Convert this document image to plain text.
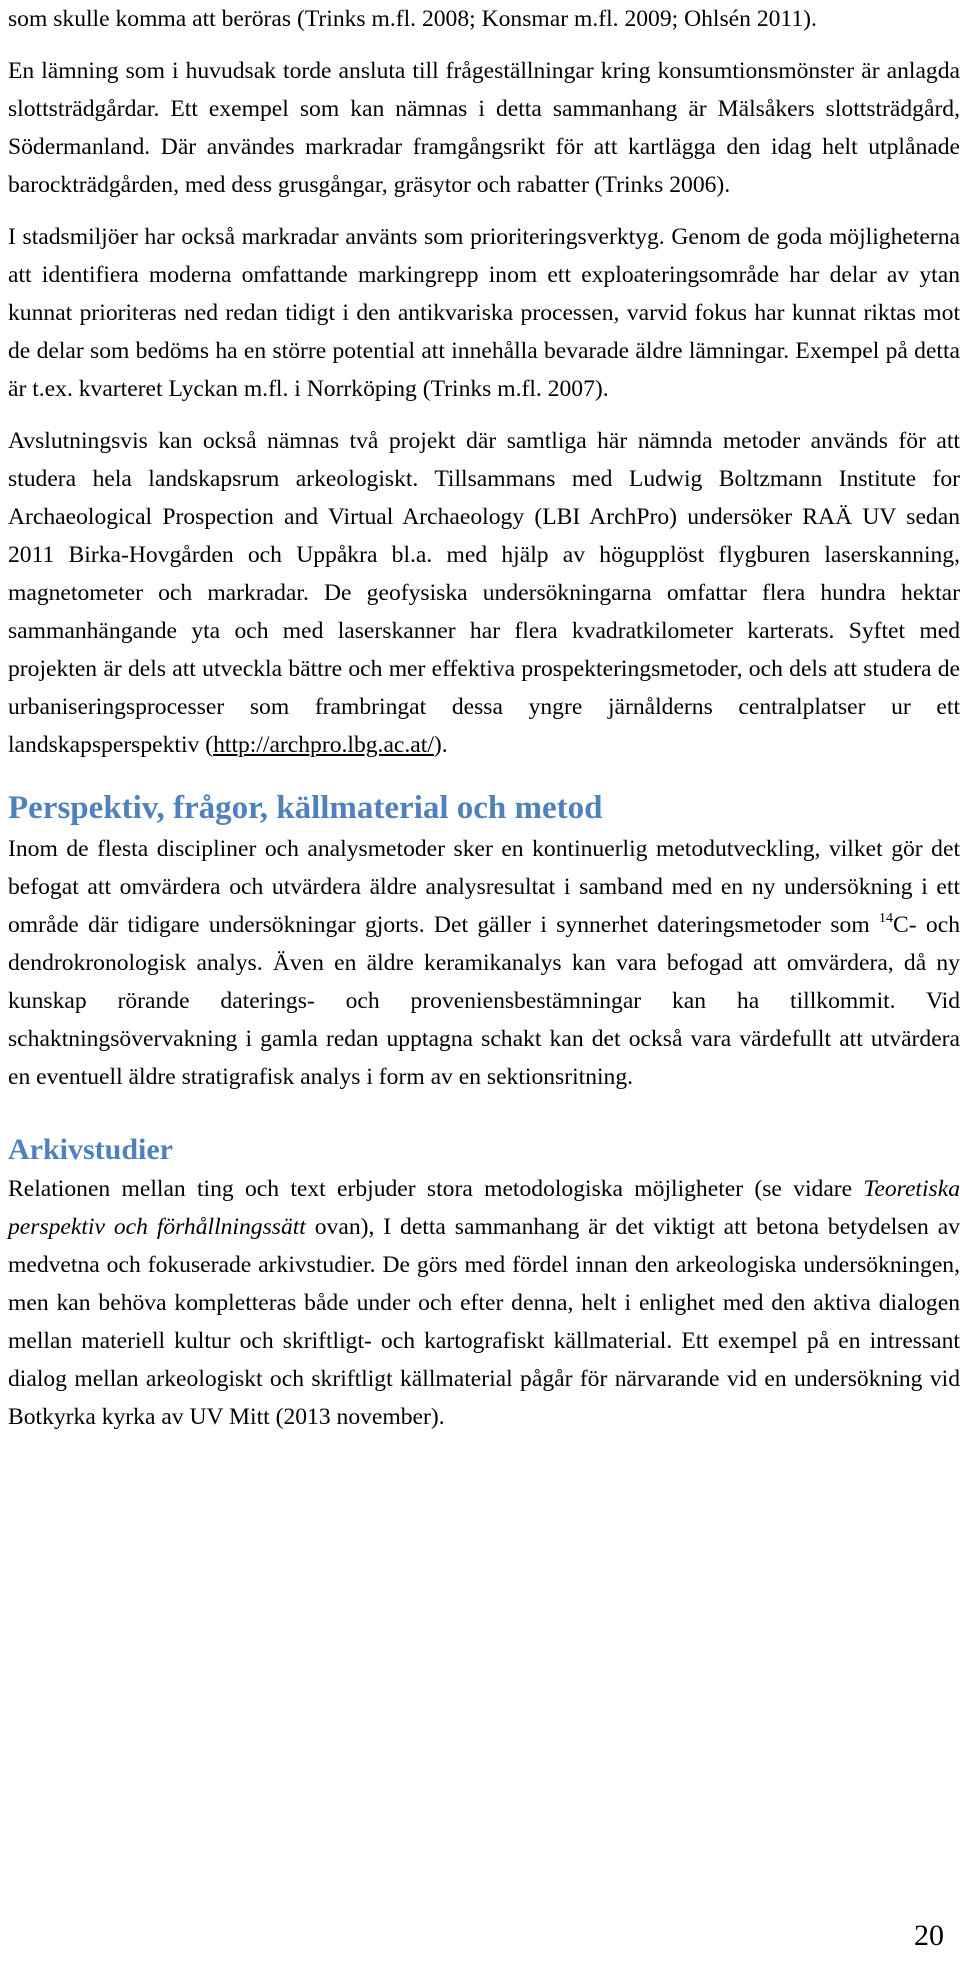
som skulle komma att beröras (Trinks m.fl. 2008; Konsmar m.fl. 2009; Ohlsén 2011).

En lämning som i huvudsak torde ansluta till frågeställningar kring konsumtionsmönster är anlagda slottsträdgårdar. Ett exempel som kan nämnas i detta sammanhang är Mälsåkers slottsträdgård, Södermanland. Där användes markradar framgångsrikt för att kartlägga den idag helt utplånade barockträdgården, med dess grusgångar, gräsytor och rabatter (Trinks 2006).

I stadsmiljöer har också markradar använts som prioriteringsverktyg. Genom de goda möjligheterna att identifiera moderna omfattande markingrepp inom ett exploateringsområde har delar av ytan kunnat prioriteras ned redan tidigt i den antikvariska processen, varvid fokus har kunnat riktas mot de delar som bedöms ha en större potential att innehålla bevarade äldre lämningar. Exempel på detta är t.ex. kvarteret Lyckan m.fl. i Norrköping (Trinks m.fl. 2007).

Avslutningsvis kan också nämnas två projekt där samtliga här nämnda metoder används för att studera hela landskapsrum arkeologiskt. Tillsammans med Ludwig Boltzmann Institute for Archaeological Prospection and Virtual Archaeology (LBI ArchPro) undersöker RAÄ UV sedan 2011 Birka-Hovgården och Uppåkra bl.a. med hjälp av högupplöst flygburen laserskanning, magnetometer och markradar. De geofysiska undersökningarna omfattar flera hundra hektar sammanhängande yta och med laserskanner har flera kvadratkilometer karterats. Syftet med projekten är dels att utveckla bättre och mer effektiva prospekteringsmetoder, och dels att studera de urbaniseringsprocesser som frambringat dessa yngre järnålderns centralplatser ur ett landskapsperspektiv (http://archpro.lbg.ac.at/).

Perspektiv, frågor, källmaterial och metod

Inom de flesta discipliner och analysmetoder sker en kontinuerlig metodutveckling, vilket gör det befogat att omvärdera och utvärdera äldre analysresultat i samband med en ny undersökning i ett område där tidigare undersökningar gjorts. Det gäller i synnerhet dateringsmetoder som $^{14}$C- och dendrokronologisk analys. Även en äldre keramikanalys kan vara befogad att omvärdera, då ny kunskap rörande daterings- och proveniensbestämningar kan ha tillkommit. Vid schaktningsövervakning i gamla redan upptagna schakt kan det också vara värdefullt att utvärdera en eventuell äldre stratigrafisk analys i form av en sektionsritning.

Arkivstudier

Relationen mellan ting och text erbjuder stora metodologiska möjligheter (se vidare Teoretiska perspektiv och förhållningssätt ovan), I detta sammanhang är det viktigt att betona betydelsen av medvetna och fokuserade arkivstudier. De görs med fördel innan den arkeologiska undersökningen, men kan behöva kompletteras både under och efter denna, helt i enlighet med den aktiva dialogen mellan materiell kultur och skriftligt- och kartografiskt källmaterial. Ett exempel på en intressant dialog mellan arkeologiskt och skriftligt källmaterial pågår för närvarande vid en undersökning vid Botkyrka kyrka av UV Mitt (2013 november).

20
